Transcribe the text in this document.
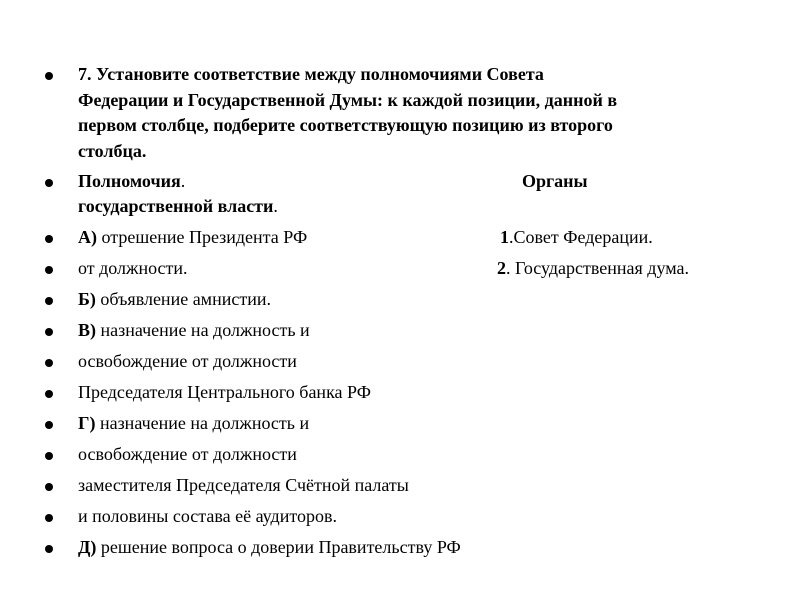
7. Установите соответствие между полномочиями Совета
Федерации и Государственной Думы: к каждой позиции, данной в
первом столбце, подберите соответствующую позицию из второго
столбца.
Полномочия.	Органы
государственной власти.
А) отрешение Президента РФ	1.Совет Федерации.
от должности.	2. Государственная дума.
Б) объявление амнистии.
В) назначение на должность и
освобождение от должности
Председателя Центрального банка РФ
Г) назначение на должность и
освобождение от должности
заместителя Председателя Счётной палаты
и половины состава её аудиторов.
Д) решение вопроса о доверии Правительству РФ
